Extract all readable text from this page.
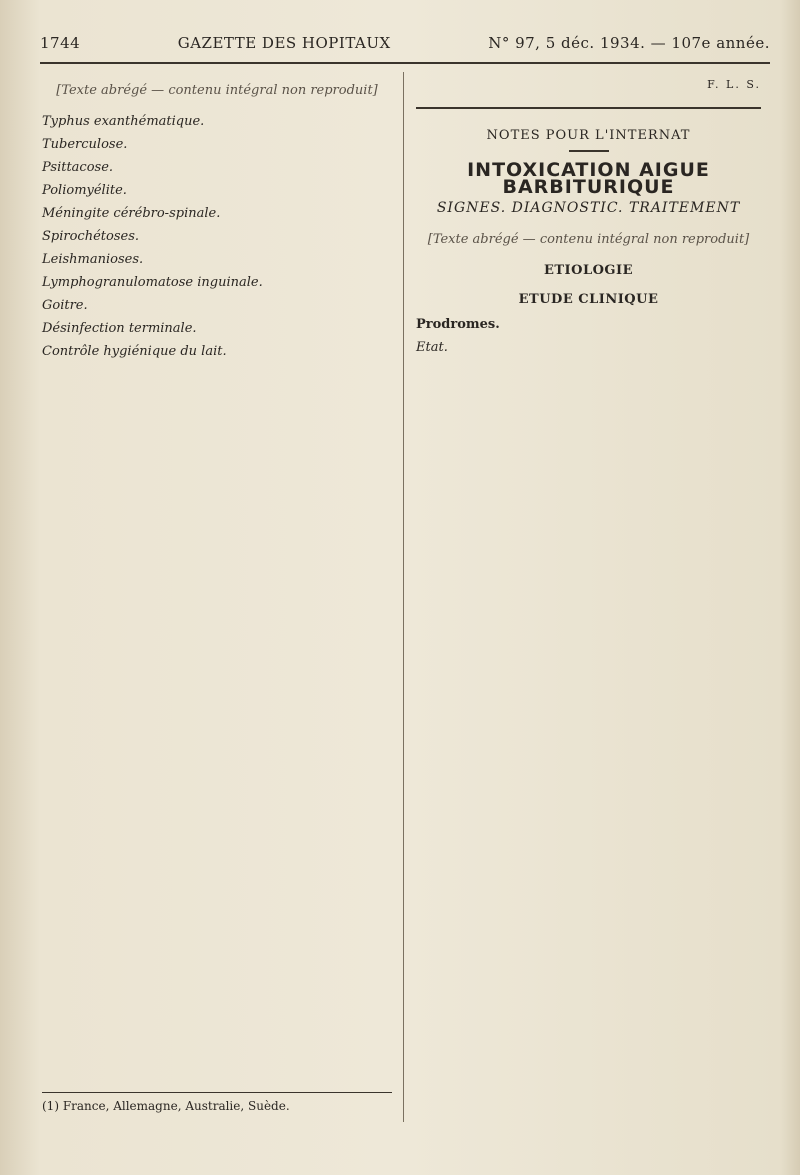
1744	GAZETTE DES HOPITAUX	N° 97, 5 déc. 1934. — 107e année.
[Texte abrégé — contenu intégral non reproduit]

Typhus exanthématique.

Tuberculose.

Psittacose.

Poliomyélite.

Méningite cérébro-spinale.

Spirochétoses.

Leishmanioses.

Lymphogranulomatose inguinale.

Goitre.

Désinfection terminale.

Contrôle hygiénique du lait.

(1) France, Allemagne, Australie, Suède.
F. L. S.
NOTES POUR L'INTERNAT
INTOXICATION AIGUE BARBITURIQUE
SIGNES. DIAGNOSTIC. TRAITEMENT
[Texte abrégé — contenu intégral non reproduit]
ETIOLOGIE
ETUDE CLINIQUE

Prodromes.

Etat.
